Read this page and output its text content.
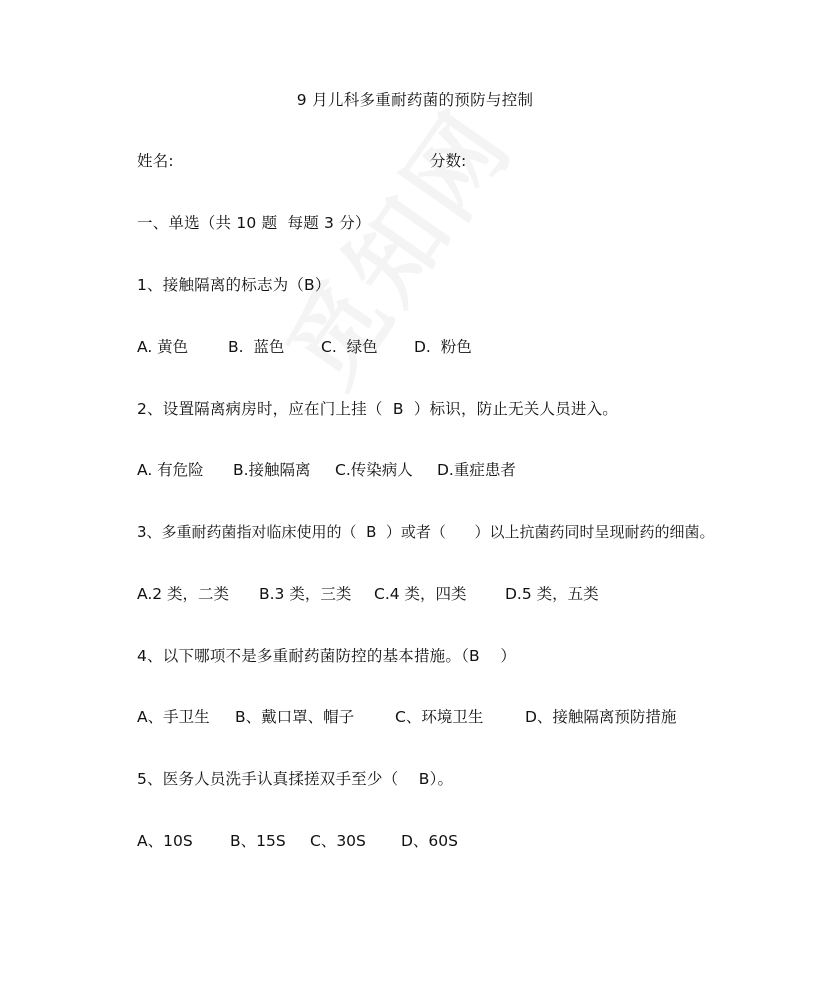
9 月儿科多重耐药菌的预防与控制
姓名:	分数:
一、单选（共 10 题  每题 3 分）
1、接触隔离的标志为（B）
A. 黄色	B.  蓝色 C.  绿色 D.  粉色
2、设置隔离病房时，应在门上挂（  B  ）标识，防止无关人员进入。
A. 有危险 B.接触隔离 C.传染病人 D.重症患者
3、多重耐药菌指对临床使用的（  B  ）或者（      ）以上抗菌药同时呈现耐药的细菌。
A.2 类，二类 B.3 类，三类 C.4 类，四类 D.5 类，五类
4、以下哪项不是多重耐药菌防控的基本措施。（B    ）
A、手卫生 B、戴口罩、帽子	C、环境卫生	D、接触隔离预防措施
5、医务人员洗手认真揉搓双手至少（    B）。
A、10S B、15S C、30S D、60S
